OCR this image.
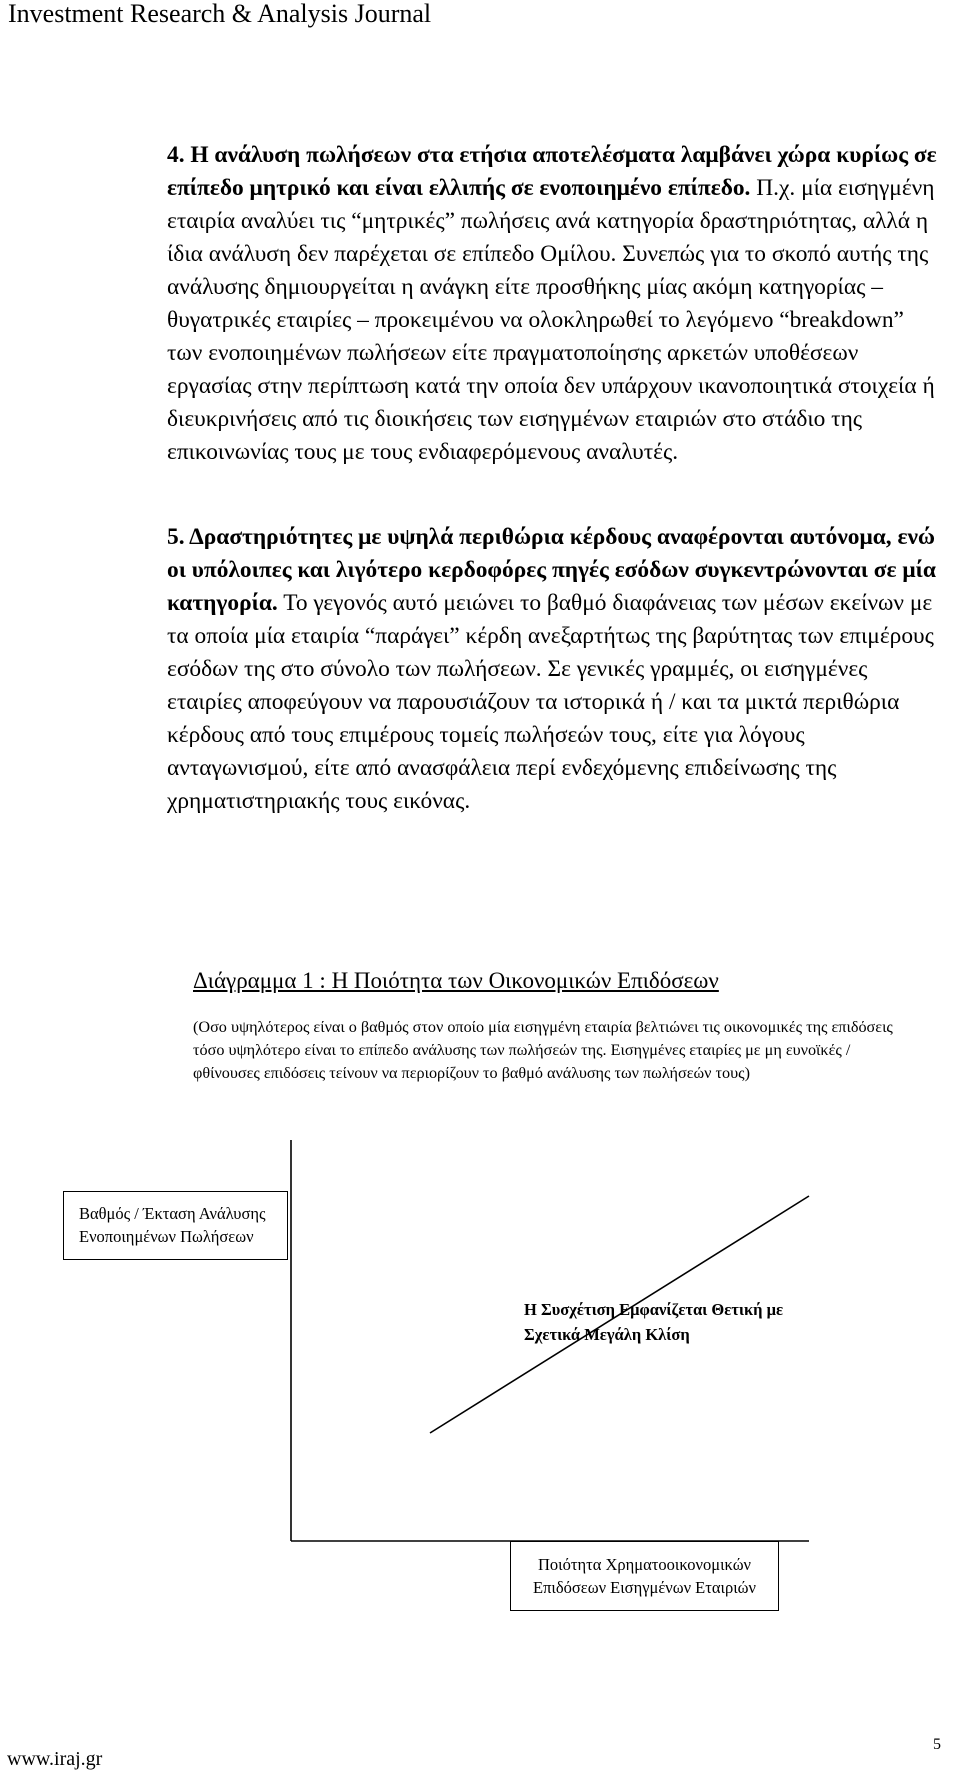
Investment Research & Analysis Journal

4. Η ανάλυση πωλήσεων στα ετήσια αποτελέσματα λαμβάνει χώρα κυρίως σε επίπεδο μητρικό και είναι ελλιπής σε ενοποιημένο επίπεδο. Π.χ. μία εισηγμένη εταιρία αναλύει τις “μητρικές” πωλήσεις ανά κατηγορία δραστηριότητας, αλλά η ίδια ανάλυση δεν παρέχεται σε επίπεδο Ομίλου. Συνεπώς για το σκοπό αυτής της ανάλυσης δημιουργείται η ανάγκη είτε προσθήκης μίας ακόμη κατηγορίας – θυγατρικές εταιρίες – προκειμένου να ολοκληρωθεί το λεγόμενο “breakdown” των ενοποιημένων πωλήσεων είτε πραγματοποίησης αρκετών υποθέσεων εργασίας στην περίπτωση κατά την οποία δεν υπάρχουν ικανοποιητικά στοιχεία ή διευκρινήσεις από τις διοικήσεις των εισηγμένων εταιριών στο στάδιο της επικοινωνίας τους με τους ενδιαφερόμενους αναλυτές.

5. Δραστηριότητες με υψηλά περιθώρια κέρδους αναφέρονται αυτόνομα, ενώ οι υπόλοιπες και λιγότερο κερδοφόρες πηγές εσόδων συγκεντρώνονται σε μία κατηγορία. Το γεγονός αυτό μειώνει το βαθμό διαφάνειας των μέσων εκείνων με τα οποία μία εταιρία “παράγει” κέρδη ανεξαρτήτως της βαρύτητας των επιμέρους εσόδων της στο σύνολο των πωλήσεων. Σε γενικές γραμμές, οι εισηγμένες εταιρίες αποφεύγουν να παρουσιάζουν τα ιστορικά ή / και τα μικτά περιθώρια κέρδους από τους επιμέρους τομείς πωλήσεών τους, είτε για λόγους ανταγωνισμού, είτε από ανασφάλεια περί ενδεχόμενης επιδείνωσης της χρηματιστηριακής τους εικόνας.

Διάγραμμα 1 : Η Ποιότητα των Οικονομικών Επιδόσεων
(Οσο υψηλότερος είναι ο βαθμός στον οποίο μία εισηγμένη εταιρία βελτιώνει τις οικονομικές της επιδόσεις τόσο υψηλότερο είναι το επίπεδο ανάλυσης των πωλήσεών της. Εισηγμένες εταιρίες με μη ευνοϊκές / φθίνουσες επιδόσεις τείνουν να περιορίζουν το βαθμό ανάλυσης των πωλήσεών τους)
Βαθμός / Έκταση Ανάλυσης
Ενοποιημένων Πωλήσεων
Η Συσχέτιση Εμφανίζεται Θετική με
Σχετικά Μεγάλη Κλίση
Ποιότητα Χρηματοοικονομικών
Επιδόσεων Εισηγμένων Εταιριών
5
www.iraj.gr
